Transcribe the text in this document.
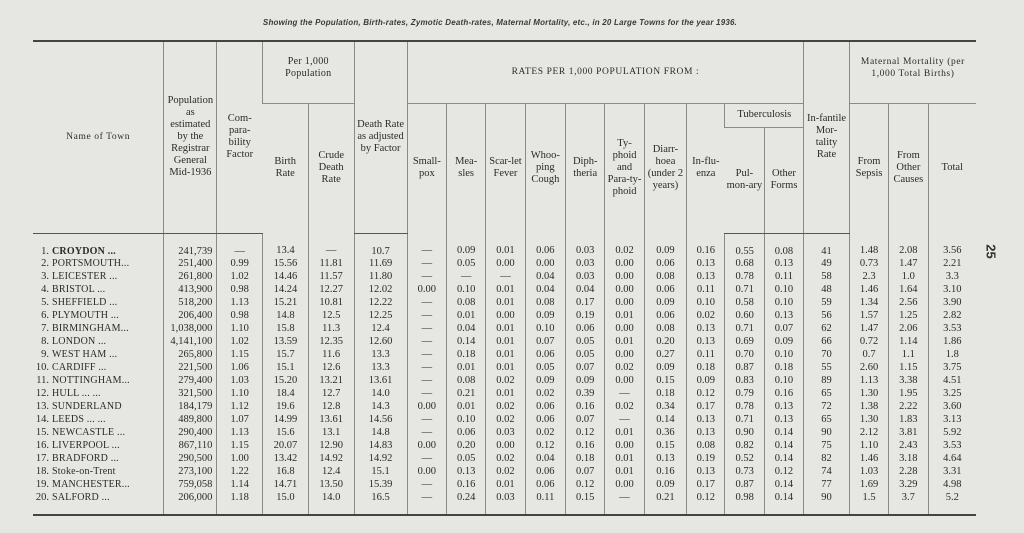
Showing the Population, Birth-rates, Zymotic Death-rates, Maternal Mortality, etc., in 20 Large Towns for the year 1936.
25
Name of Town	Population as estimated by the Registrar General Mid-1936	Com-para-bility Factor	Per 1,000 Population		Death Rate as adjusted by Factor	RATES PER 1,000 POPULATION FROM :										In-fantile Mor-tality Rate	Maternal Mortality (per 1,000 Total Births)		
			Birth Rate	Crude Death Rate		Small-pox	Mea-sles	Scar-let Fever	Whoo-ping Cough	Diph-theria	Ty-phoid and Para-ty-phoid	Diarr-hoea (under 2 years)	In-flu-enza	Tuberculosis			From Sepsis	From Other Causes	Total
														Pul-mon-ary	Other Forms				
1. CROYDON ...	241,739	—	13.4	—	10.7	—	0.09	0.01	0.06	0.03	0.02	0.09	0.16	0.55	0.08	41	1.48	2.08	3.56
2. PORTSMOUTH...	251,400	0.99	15.56	11.81	11.69	—	0.05	0.00	0.00	0.03	0.00	0.06	0.13	0.68	0.13	49	0.73	1.47	2.21
3. LEICESTER ...	261,800	1.02	14.46	11.57	11.80	—	—	—	0.04	0.03	0.00	0.08	0.13	0.78	0.11	58	2.3	1.0	3.3
4. BRISTOL ...	413,900	0.98	14.24	12.27	12.02	0.00	0.10	0.01	0.04	0.04	0.00	0.06	0.11	0.71	0.10	48	1.46	1.64	3.10
5. SHEFFIELD ...	518,200	1.13	15.21	10.81	12.22	—	0.08	0.01	0.08	0.17	0.00	0.09	0.10	0.58	0.10	59	1.34	2.56	3.90
6. PLYMOUTH ...	206,400	0.98	14.8	12.5	12.25	—	0.01	0.00	0.09	0.19	0.01	0.06	0.02	0.60	0.13	56	1.57	1.25	2.82
7. BIRMINGHAM...	1,038,000	1.10	15.8	11.3	12.4	—	0.04	0.01	0.10	0.06	0.00	0.08	0.13	0.71	0.07	62	1.47	2.06	3.53
8. LONDON ...	4,141,100	1.02	13.59	12.35	12.60	—	0.14	0.01	0.07	0.05	0.01	0.20	0.13	0.69	0.09	66	0.72	1.14	1.86
9. WEST HAM ...	265,800	1.15	15.7	11.6	13.3	—	0.18	0.01	0.06	0.05	0.00	0.27	0.11	0.70	0.10	70	0.7	1.1	1.8
10. CARDIFF ...	221,500	1.06	15.1	12.6	13.3	—	0.01	0.01	0.05	0.07	0.02	0.09	0.18	0.87	0.18	55	2.60	1.15	3.75
11. NOTTINGHAM...	279,400	1.03	15.20	13.21	13.61	—	0.08	0.02	0.09	0.09	0.00	0.15	0.09	0.83	0.10	89	1.13	3.38	4.51
12. HULL ... ...	321,500	1.10	18.4	12.7	14.0	—	0.21	0.01	0.02	0.39	—	0.18	0.12	0.79	0.16	65	1.30	1.95	3.25
13. SUNDERLAND	184,179	1.12	19.6	12.8	14.3	0.00	0.01	0.02	0.06	0.16	0.02	0.34	0.17	0.78	0.13	72	1.38	2.22	3.60
14. LEEDS ... ...	489,800	1.07	14.99	13.61	14.56	—	0.10	0.02	0.06	0.07	—	0.14	0.13	0.71	0.13	65	1.30	1.83	3.13
15. NEWCASTLE ...	290,400	1.13	15.6	13.1	14.8	—	0.06	0.03	0.02	0.12	0.01	0.36	0.13	0.90	0.14	90	2.12	3.81	5.92
16. LIVERPOOL ...	867,110	1.15	20.07	12.90	14.83	0.00	0.20	0.00	0.12	0.16	0.00	0.15	0.08	0.82	0.14	75	1.10	2.43	3.53
17. BRADFORD ...	290,500	1.00	13.42	14.92	14.92	—	0.05	0.02	0.04	0.18	0.01	0.13	0.19	0.52	0.14	82	1.46	3.18	4.64
18. Stoke-on-Trent	273,100	1.22	16.8	12.4	15.1	0.00	0.13	0.02	0.06	0.07	0.01	0.16	0.13	0.73	0.12	74	1.03	2.28	3.31
19. MANCHESTER...	759,058	1.14	14.71	13.50	15.39	—	0.16	0.01	0.06	0.12	0.00	0.09	0.17	0.87	0.14	77	1.69	3.29	4.98
20. SALFORD ...	206,000	1.18	15.0	14.0	16.5	—	0.24	0.03	0.11	0.15	—	0.21	0.12	0.98	0.14	90	1.5	3.7	5.2
